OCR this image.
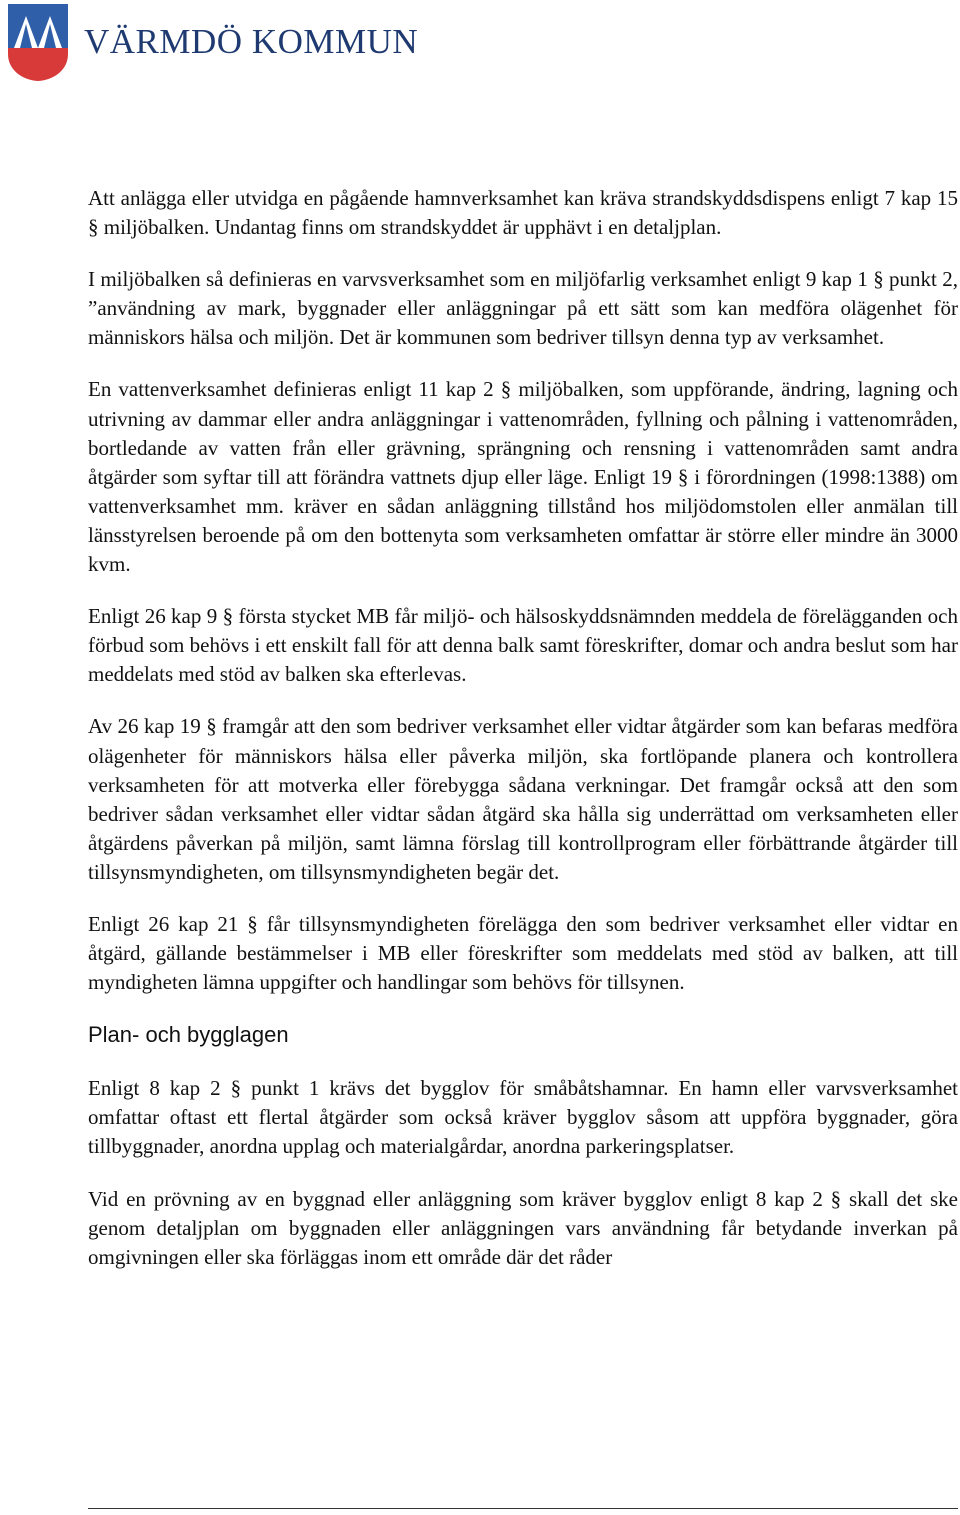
VÄRMDÖ KOMMUN

Att anlägga eller utvidga en pågående hamnverksamhet kan kräva strandskyddsdispens enligt 7 kap 15 § miljöbalken. Undantag finns om strandskyddet är upphävt i en detaljplan.

I miljöbalken så definieras en varvsverksamhet som en miljöfarlig verksamhet enligt 9 kap 1 § punkt 2, ”användning av mark, byggnader eller anläggningar på ett sätt som kan medföra olägenhet för människors hälsa och miljön. Det är kommunen som bedriver tillsyn denna typ av verksamhet.

En vattenverksamhet definieras enligt 11 kap 2 § miljöbalken, som uppförande, ändring, lagning och utrivning av dammar eller andra anläggningar i vattenområden, fyllning och pålning i vattenområden, bortledande av vatten från eller grävning, sprängning och rensning i vattenområden samt andra åtgärder som syftar till att förändra vattnets djup eller läge. Enligt 19 § i förordningen (1998:1388) om vattenverksamhet mm. kräver en sådan anläggning tillstånd hos miljödomstolen eller anmälan till länsstyrelsen beroende på om den bottenyta som verksamheten omfattar är större eller mindre än 3000 kvm.

Enligt 26 kap 9 § första stycket MB får miljö- och hälsoskyddsnämnden meddela de förelägganden och förbud som behövs i ett enskilt fall för att denna balk samt föreskrifter, domar och andra beslut som har meddelats med stöd av balken ska efterlevas.

Av 26 kap 19 § framgår att den som bedriver verksamhet eller vidtar åtgärder som kan befaras medföra olägenheter för människors hälsa eller påverka miljön, ska fortlöpande planera och kontrollera verksamheten för att motverka eller förebygga sådana verkningar. Det framgår också att den som bedriver sådan verksamhet eller vidtar sådan åtgärd ska hålla sig underrättad om verksamheten eller åtgärdens påverkan på miljön, samt lämna förslag till kontrollprogram eller förbättrande åtgärder till tillsynsmyndigheten, om tillsynsmyndigheten begär det.

Enligt 26 kap 21 § får tillsynsmyndigheten förelägga den som bedriver verksamhet eller vidtar en åtgärd, gällande bestämmelser i MB eller föreskrifter som meddelats med stöd av balken, att till myndigheten lämna uppgifter och handlingar som behövs för tillsynen.

Plan- och bygglagen

Enligt 8 kap 2 § punkt 1 krävs det bygglov för småbåtshamnar. En hamn eller varvsverksamhet omfattar oftast ett flertal åtgärder som också kräver bygglov såsom att uppföra byggnader, göra tillbyggnader, anordna upplag och materialgårdar, anordna parkeringsplatser.

Vid en prövning av en byggnad eller anläggning som kräver bygglov enligt 8 kap 2 § skall det ske genom detaljplan om byggnaden eller anläggningen vars användning får betydande inverkan på omgivningen eller ska förläggas inom ett område där det råder
